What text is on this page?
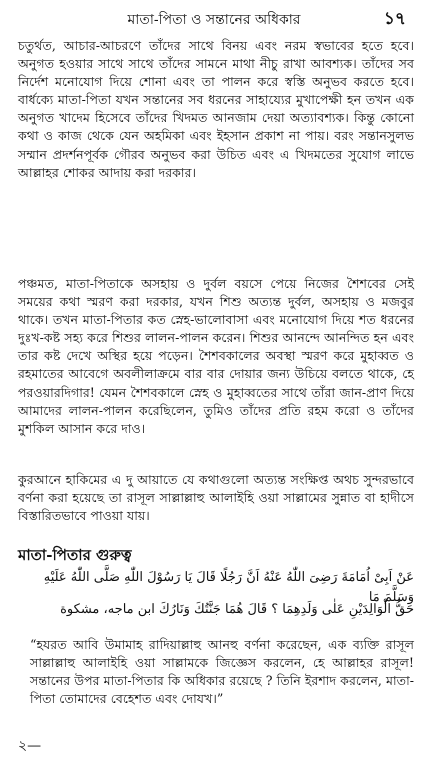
মাতা-পিতা ও সন্তানের অধিকার	১৭

চতুর্থত, আচার-আচরণে তাঁদের সাথে বিনয় এবং নরম স্বভাবের হতে হবে। অনুগত হওয়ার সাথে সাথে তাঁদের সামনে মাথা নীচু রাখা আবশ্যক। তাঁদের সব নির্দেশ মনোযোগ দিয়ে শোনা এবং তা পালন করে স্বস্তি অনুভব করতে হবে। বার্ধক্যে মাতা-পিতা যখন সন্তানের সব ধরনের সাহায্যের মুখাপেক্ষী হন তখন এক অনুগত খাদেম হিসেবে তাঁদের খিদমত আনজাম দেয়া অত্যাবশ্যক। কিন্তু কোনো কথা ও কাজ থেকে যেন অহমিকা এবং ইহসান প্রকাশ না পায়। বরং সন্তানসুলভ সম্মান প্রদর্শনপূর্বক গৌরব অনুভব করা উচিত এবং এ খিদমতের সুযোগ লাভে আল্লাহর শোকর আদায় করা দরকার।

পঞ্চমত, মাতা-পিতাকে অসহায় ও দুর্বল বয়সে পেয়ে নিজের শৈশবের সেই সময়ের কথা স্মরণ করা দরকার, যখন শিশু অত্যন্ত দুর্বল, অসহায় ও মজবুর থাকে। তখন মাতা-পিতার কত স্নেহ-ভালোবাসা এবং মনোযোগ দিয়ে শত ধরনের দুঃখ-কষ্ট সহ্য করে শিশুর লালন-পালন করেন। শিশুর আনন্দে আনন্দিত হন এবং তার কষ্ট দেখে অস্থির হয়ে পড়েন। শৈশবকালের অবস্থা স্মরণ করে মুহাব্বত ও রহমাতের আবেগে অবলীলাক্রমে বার বার দোয়ার জন্য উচিয়ে বলতে থাকে, হে পরওয়ারদিগার! যেমন শৈশবকালে স্নেহ ও মুহাব্বতের সাথে তাঁরা জান-প্রাণ দিয়ে আমাদের লালন-পালন করেছিলেন, তুমিও তাঁদের প্রতি রহম করো ও তাঁদের মুশকিল আসান করে দাও।

কুরআনে হাকিমের এ দু আয়াতে যে কথাগুলো অত্যন্ত সংক্ষিপ্ত অথচ সুন্দরভাবে বর্ণনা করা হয়েছে তা রাসূল সাল্লাল্লাহু আলাইহি ওয়া সাল্লামের সুন্নাত বা হাদীসে বিস্তারিতভাবে পাওয়া যায়।

মাতা-পিতার গুরুত্ব
عَنْ اَبِىْ اُمَامَةَ رَضِىَ اللّٰهُ عَنْهُ اَنَّ رَجُلًا قَالَ يَا رَسُوْلَ اللّٰهِ صَلَّى اللّٰهُ عَلَيْهِ وَسَلَّمَ مَا
حَقُّ الْوَالِدَيْنِ عَلٰى وَلَدِهِمَا ؟ قَالَ هُمَا جَنَّتُكَ وَنَارُكَ ابن ماجه، مشكوة
“হযরত আবি উমামাহ রাদিয়াল্লাহু আনহু বর্ণনা করেছেন, এক ব্যক্তি রাসূল সাল্লাল্লাহু আলাইহি ওয়া সাল্লামকে জিজ্ঞেস করলেন, হে আল্লাহর রাসূল! সন্তানের উপর মাতা-পিতার কি অধিকার রয়েছে ? তিনি ইরশাদ করলেন, মাতা-পিতা তোমাদের বেহেশত এবং দোযখ।”
২—
